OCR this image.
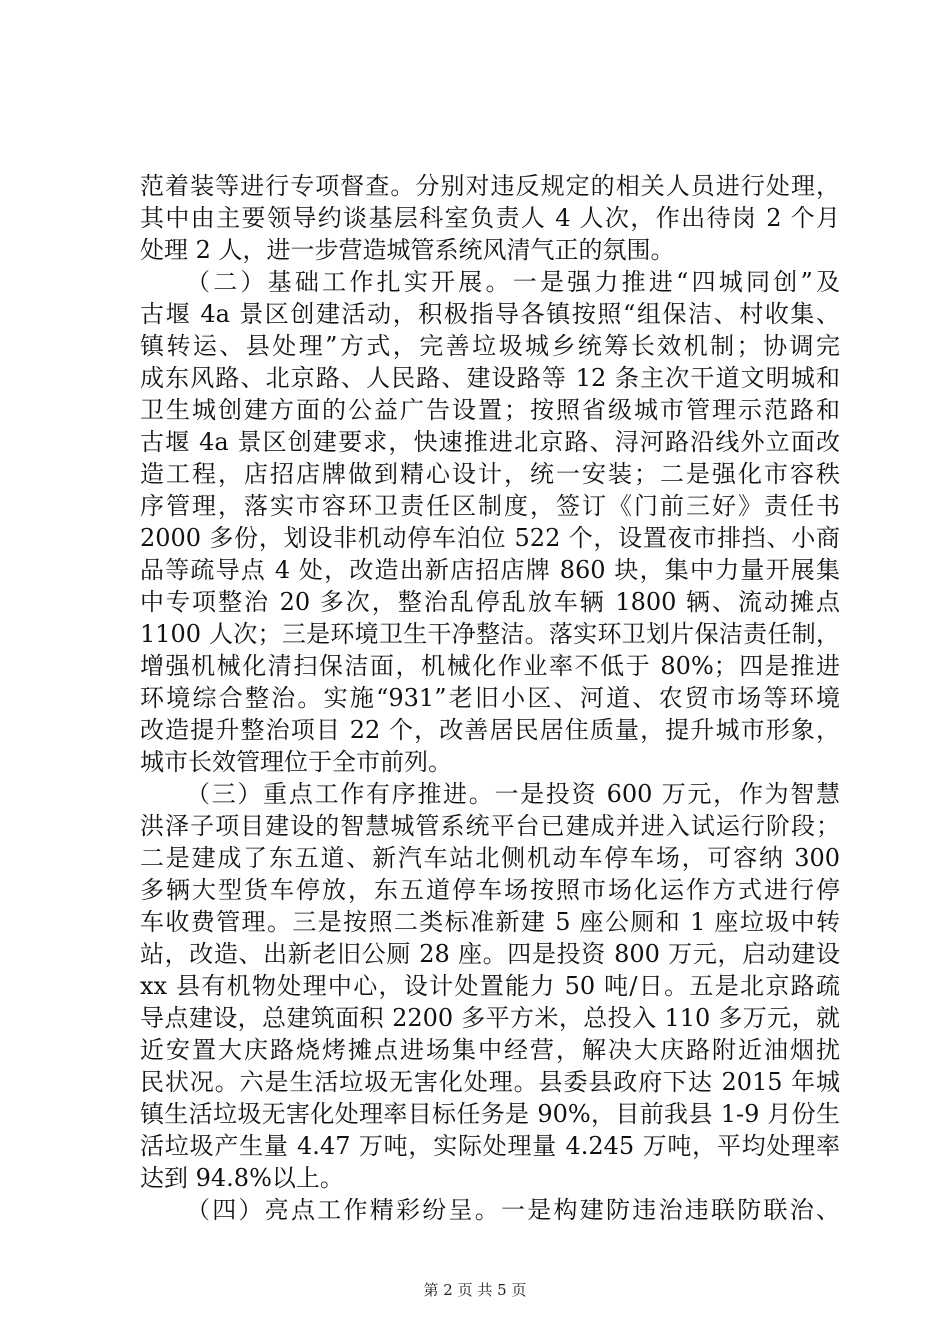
范着装等进行专项督查。分别对违反规定的相关人员进行处理，
其中由主要领导约谈基层科室负责人 4 人次，作出待岗 2 个月
处理 2 人，进一步营造城管系统风清气正的氛围。
（二）基础工作扎实开展。一是强力推进“四城同创”及
古堰 4a 景区创建活动，积极指导各镇按照“组保洁、村收集、
镇转运、县处理”方式，完善垃圾城乡统筹长效机制；协调完
成东风路、北京路、人民路、建设路等 12 条主次干道文明城和
卫生城创建方面的公益广告设置；按照省级城市管理示范路和
古堰 4a 景区创建要求，快速推进北京路、浔河路沿线外立面改
造工程，店招店牌做到精心设计，统一安装；二是强化市容秩
序管理，落实市容环卫责任区制度，签订《门前三好》责任书
2000 多份，划设非机动停车泊位 522 个，设置夜市排挡、小商
品等疏导点 4 处，改造出新店招店牌 860 块，集中力量开展集
中专项整治 20 多次，整治乱停乱放车辆 1800 辆、流动摊点
1100 人次；三是环境卫生干净整洁。落实环卫划片保洁责任制，
增强机械化清扫保洁面，机械化作业率不低于 80%；四是推进
环境综合整治。实施“931”老旧小区、河道、农贸市场等环境
改造提升整治项目 22 个，改善居民居住质量，提升城市形象，
城市长效管理位于全市前列。
（三）重点工作有序推进。一是投资 600 万元，作为智慧
洪泽子项目建设的智慧城管系统平台已建成并进入试运行阶段；
二是建成了东五道、新汽车站北侧机动车停车场，可容纳 300
多辆大型货车停放，东五道停车场按照市场化运作方式进行停
车收费管理。三是按照二类标准新建 5 座公厕和 1 座垃圾中转
站，改造、出新老旧公厕 28 座。四是投资 800 万元，启动建设
xx 县有机物处理中心，设计处置能力 50 吨/日。五是北京路疏
导点建设，总建筑面积 2200 多平方米，总投入 110 多万元，就
近安置大庆路烧烤摊点进场集中经营，解决大庆路附近油烟扰
民状况。六是生活垃圾无害化处理。县委县政府下达 2015 年城
镇生活垃圾无害化处理率目标任务是 90%，目前我县 1-9 月份生
活垃圾产生量 4.47 万吨，实际处理量 4.245 万吨，平均处理率
达到 94.8%以上。
（四）亮点工作精彩纷呈。一是构建防违治违联防联治、
第 2 页 共 5 页
